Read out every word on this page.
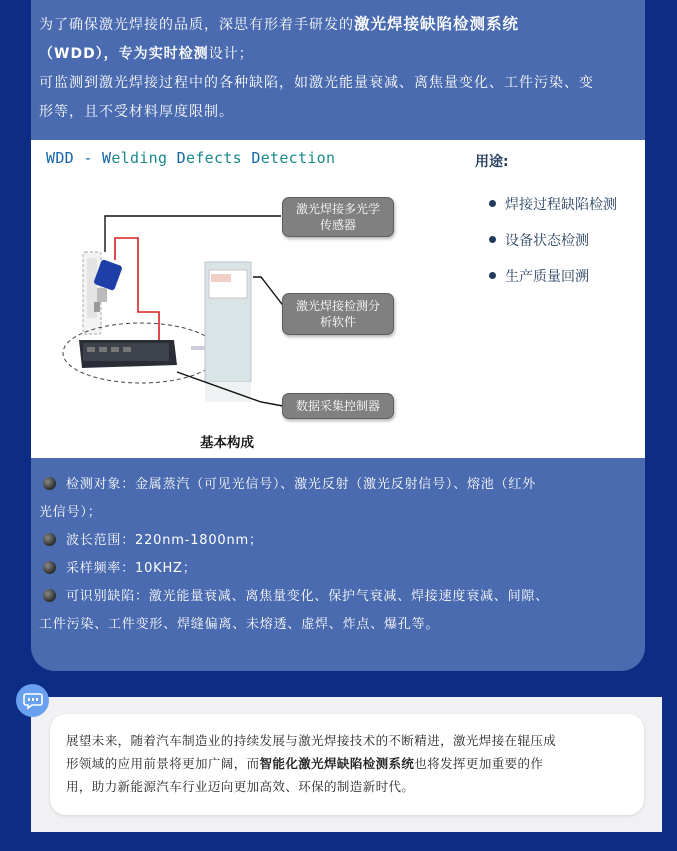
为了确保激光焊接的品质，深思有形着手研发的激光焊接缺陷检测系统
（WDD），专为实时检测设计；
可监测到激光焊接过程中的各种缺陷，如激光能量衰减、离焦量变化、工件污染、变
形等，且不受材料厚度限制。
WDD - Welding Defects Detection	用途:
焊接过程缺陷检测
设备状态检测
生产质量回溯
激光焊接多光学
传感器
激光焊接检测分
析软件
数据采集控制器
基本构成
检测对象：金属蒸汽（可见光信号）、激光反射（激光反射信号）、熔池（红外
光信号）；
波长范围：220nm-1800nm；
采样频率：10KHZ；
可识别缺陷：激光能量衰减、离焦量变化、保护气衰减、焊接速度衰减、间隙、
工件污染、工件变形、焊缝偏离、未熔透、虚焊、炸点、爆孔等。
展望未来，随着汽车制造业的持续发展与激光焊接技术的不断精进，激光焊接在辊压成
形领域的应用前景将更加广阔，而智能化激光焊缺陷检测系统也将发挥更加重要的作
用，助力新能源汽车行业迈向更加高效、环保的制造新时代。
